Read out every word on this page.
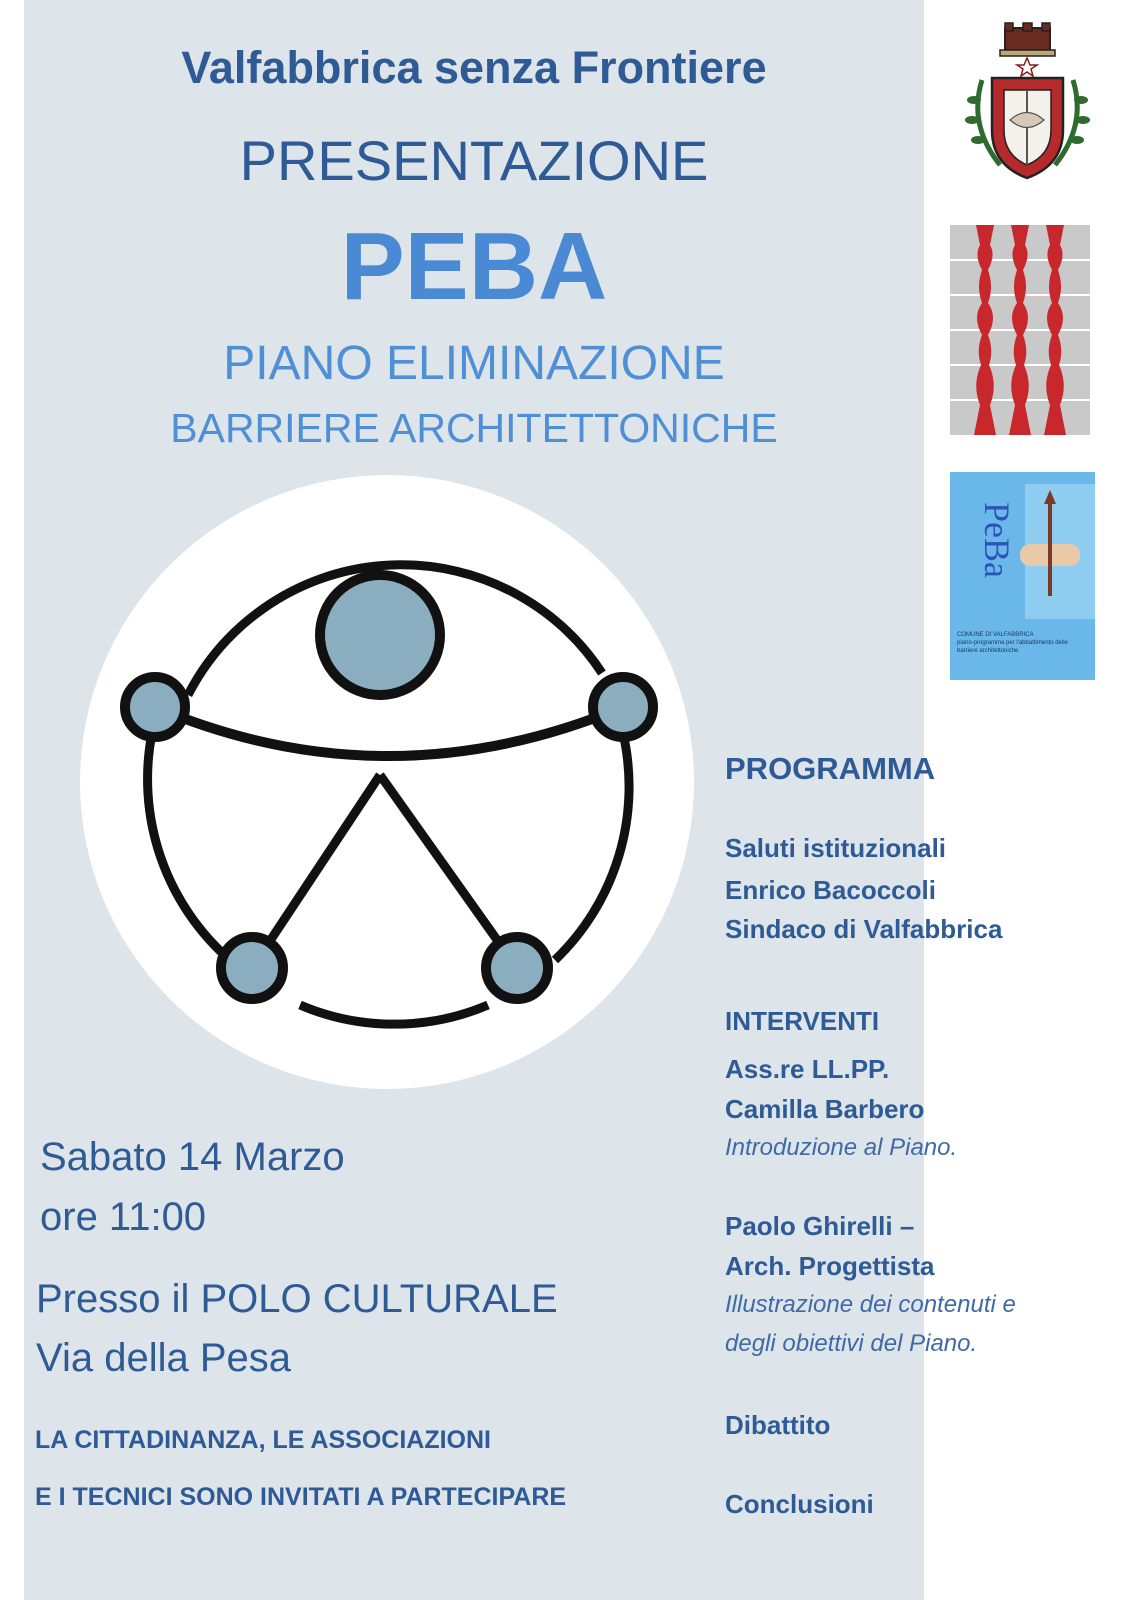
Valfabbrica senza Frontiere
PRESENTAZIONE
PEBA
PIANO ELIMINAZIONE
BARRIERE ARCHITETTONICHE
Sabato 14 Marzo
ore 11:00
Presso il POLO CULTURALE
Via della Pesa
LA CITTADINANZA, LE ASSOCIAZIONI
E I TECNICI SONO INVITATI A PARTECIPARE
PROGRAMMA
Saluti istituzionali
Enrico Bacoccoli
Sindaco di Valfabbrica
INTERVENTI
Ass.re LL.PP.
Camilla Barbero
Introduzione al Piano.
Paolo Ghirelli –
Arch. Progettista
Illustrazione dei contenuti e
degli obiettivi del Piano.
Dibattito
Conclusioni
PeBa
COMUNE DI VALFABBRICA
piano-programma per l'abbattimento delle
barriere architettoniche
